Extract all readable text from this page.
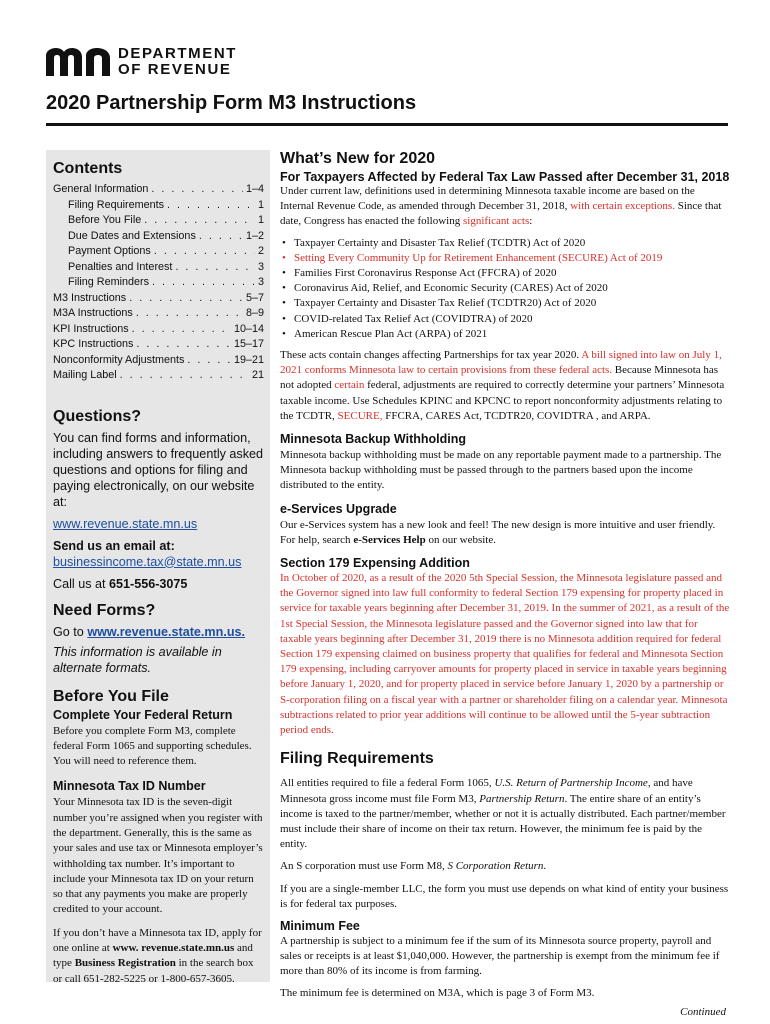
DEPARTMENT
OF REVENUE
2020 Partnership Form M3 Instructions
Contents
General Information . . .	1–4
Filing Requirements . . .	1
Before You File . . .	1
Due Dates and Extensions . . .	1–2
Payment Options . . .	2
Penalties and Interest . . .	3
Filing Reminders . . .	3
M3 Instructions . . .	5–7
M3A Instructions . . .	8–9
KPI Instructions . . .	10–14
KPC Instructions . . .	15–17
Nonconformity Adjustments . . .	19–21
Mailing Label . . .	21
Questions?

You can find forms and information, including answers to frequently asked questions and options for filing and paying electronically, on our website at:

www.revenue.state.mn.us

Send us an email at:

businessincome.tax@state.mn.us

Call us at 651-556-3075

Need Forms?

Go to www.revenue.state.mn.us.

This information is available in alternate formats.

Before You File
Complete Your Federal Return

Before you complete Form M3, complete federal Form 1065 and supporting schedules. You will need to reference them.

Minnesota Tax ID Number

Your Minnesota tax ID is the seven-digit number you’re assigned when you register with the department. Generally, this is the same as your sales and use tax or Minnesota employer’s withholding tax number. It’s important to include your Minnesota tax ID on your return so that any payments you make are properly credited to your account.

If you don’t have a Minnesota tax ID, apply for one online at www. revenue.state.mn.us and type Business Registration in the search box or call 651-282-5225 or 1-800-657-3605.

What’s New for 2020
For Taxpayers Affected by Federal Tax Law Passed after December 31, 2018

Under current law, definitions used in determining Minnesota taxable income are based on the Internal Revenue Code, as amended through December 31, 2018, with certain exceptions. Since that date, Congress has enacted the following significant acts:

• Taxpayer Certainty and Disaster Tax Relief (TCDTR) Act of 2020
• Setting Every Community Up for Retirement Enhancement (SECURE) Act of 2019
• Families First Coronavirus Response Act (FFCRA) of 2020
• Coronavirus Aid, Relief, and Economic Security (CARES) Act of 2020
• Taxpayer Certainty and Disaster Tax Relief (TCDTR20) Act of 2020
• COVID-related Tax Relief Act (COVIDTRA) of 2020
• American Rescue Plan Act (ARPA) of 2021

These acts contain changes affecting Partnerships for tax year 2020. A bill signed into law on July 1, 2021 conforms Minnesota law to certain provisions from these federal acts. Because Minnesota has not adopted certain federal, adjustments are required to correctly determine your partners’ Minnesota taxable income. Use Schedules KPINC and KPCNC to report nonconformity adjustments relating to the TCDTR, SECURE, FFCRA, CARES Act, TCDTR20, COVIDTRA , and ARPA.

Minnesota Backup Withholding

Minnesota backup withholding must be made on any reportable payment made to a partnership. The Minnesota backup withholding must be passed through to the partners based upon the income distributed to the entity.

e-Services Upgrade

Our e-Services system has a new look and feel! The new design is more intuitive and user friendly. For help, search e-Services Help on our website.

Section 179 Expensing Addition

In October of 2020, as a result of the 2020 5th Special Session, the Minnesota legislature passed and the Governor signed into law full conformity to federal Section 179 expensing for property placed in service for taxable years beginning after December 31, 2019. In the summer of 2021, as a result of the 1st Special Session, the Minnesota legislature passed and the Governor signed into law that for taxable years beginning after December 31, 2019 there is no Minnesota addition required for federal Section 179 expensing claimed on business property that qualifies for federal and Minnesota Section 179 expensing, including carryover amounts for property placed in service in taxable years beginning before January 1, 2020, and for property placed in service before January 1, 2020 by a partnership or S-corporation filing on a fiscal year with a partner or shareholder filing on a calendar year. Minnesota subtractions related to prior year additions will continue to be allowed until the 5-year subtraction period ends.

Filing Requirements

All entities required to file a federal Form 1065, U.S. Return of Partnership Income, and have Minnesota gross income must file Form M3, Partnership Return. The entire share of an entity’s income is taxed to the partner/member, whether or not it is actually distributed. Each partner/member must include their share of income on their tax return. However, the minimum fee is paid by the entity.

An S corporation must use Form M8, S Corporation Return.

If you are a single-member LLC, the form you must use depends on what kind of entity your business is for federal tax purposes.

Minimum Fee

A partnership is subject to a minimum fee if the sum of its Minnesota source property, payroll and sales or receipts is at least $1,040,000. However, the partnership is exempt from the minimum fee if more than 80% of its income is from farming.

The minimum fee is determined on M3A, which is page 3 of Form M3.

Continued
